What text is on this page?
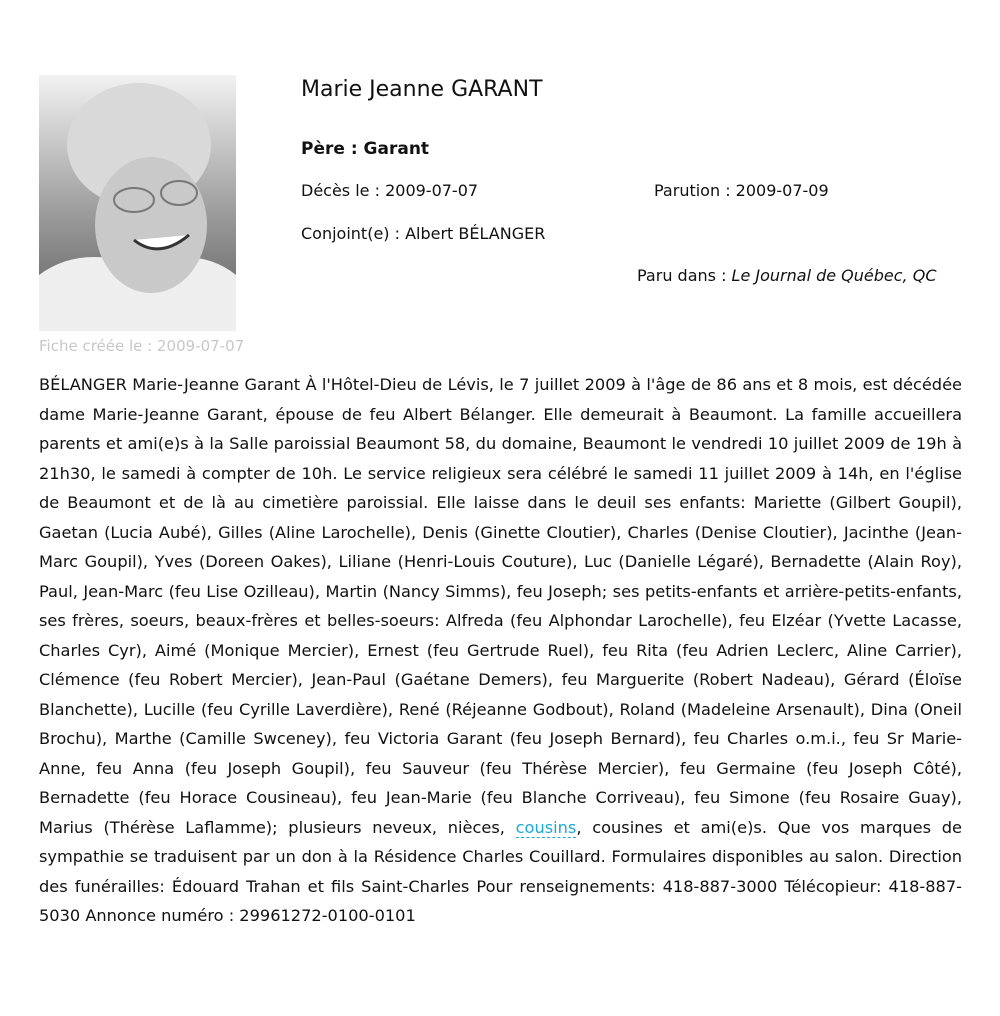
Fiche créée le : 2009-07-07
Marie Jeanne GARANT
Père : Garant
Décès le : 2009-07-07	Parution : 2009-07-09
Conjoint(e) : Albert BÉLANGER
Paru dans : Le Journal de Québec, QC
BÉLANGER Marie-Jeanne Garant À l'Hôtel-Dieu de Lévis, le 7 juillet 2009 à l'âge de 86 ans et 8 mois, est décédée dame Marie-Jeanne Garant, épouse de feu Albert Bélanger. Elle demeurait à Beaumont. La famille accueillera parents et ami(e)s à la Salle paroissial Beaumont 58, du domaine, Beaumont le vendredi 10 juillet 2009 de 19h à 21h30, le samedi à compter de 10h. Le service religieux sera célébré le samedi 11 juillet 2009 à 14h, en l'église de Beaumont et de là au cimetière paroissial. Elle laisse dans le deuil ses enfants: Mariette (Gilbert Goupil), Gaetan (Lucia Aubé), Gilles (Aline Larochelle), Denis (Ginette Cloutier), Charles (Denise Cloutier), Jacinthe (Jean-Marc Goupil), Yves (Doreen Oakes), Liliane (Henri-Louis Couture), Luc (Danielle Légaré), Bernadette (Alain Roy), Paul, Jean-Marc (feu Lise Ozilleau), Martin (Nancy Simms), feu Joseph; ses petits-enfants et arrière-petits-enfants, ses frères, soeurs, beaux-frères et belles-soeurs: Alfreda (feu Alphondar Larochelle), feu Elzéar (Yvette Lacasse, Charles Cyr), Aimé (Monique Mercier), Ernest (feu Gertrude Ruel), feu Rita (feu Adrien Leclerc, Aline Carrier), Clémence (feu Robert Mercier), Jean-Paul (Gaétane Demers), feu Marguerite (Robert Nadeau), Gérard (Éloïse Blanchette), Lucille (feu Cyrille Laverdière), René (Réjeanne Godbout), Roland (Madeleine Arsenault), Dina (Oneil Brochu), Marthe (Camille Swceney), feu Victoria Garant (feu Joseph Bernard), feu Charles o.m.i., feu Sr Marie-Anne, feu Anna (feu Joseph Goupil), feu Sauveur (feu Thérèse Mercier), feu Germaine (feu Joseph Côté), Bernadette (feu Horace Cousineau), feu Jean-Marie (feu Blanche Corriveau), feu Simone (feu Rosaire Guay), Marius (Thérèse Laflamme); plusieurs neveux, nièces, cousins, cousines et ami(e)s. Que vos marques de sympathie se traduisent par un don à la Résidence Charles Couillard. Formulaires disponibles au salon. Direction des funérailles: Édouard Trahan et fils Saint-Charles Pour renseignements: 418-887-3000 Télécopieur: 418-887-5030 Annonce numéro : 29961272-0100-0101
